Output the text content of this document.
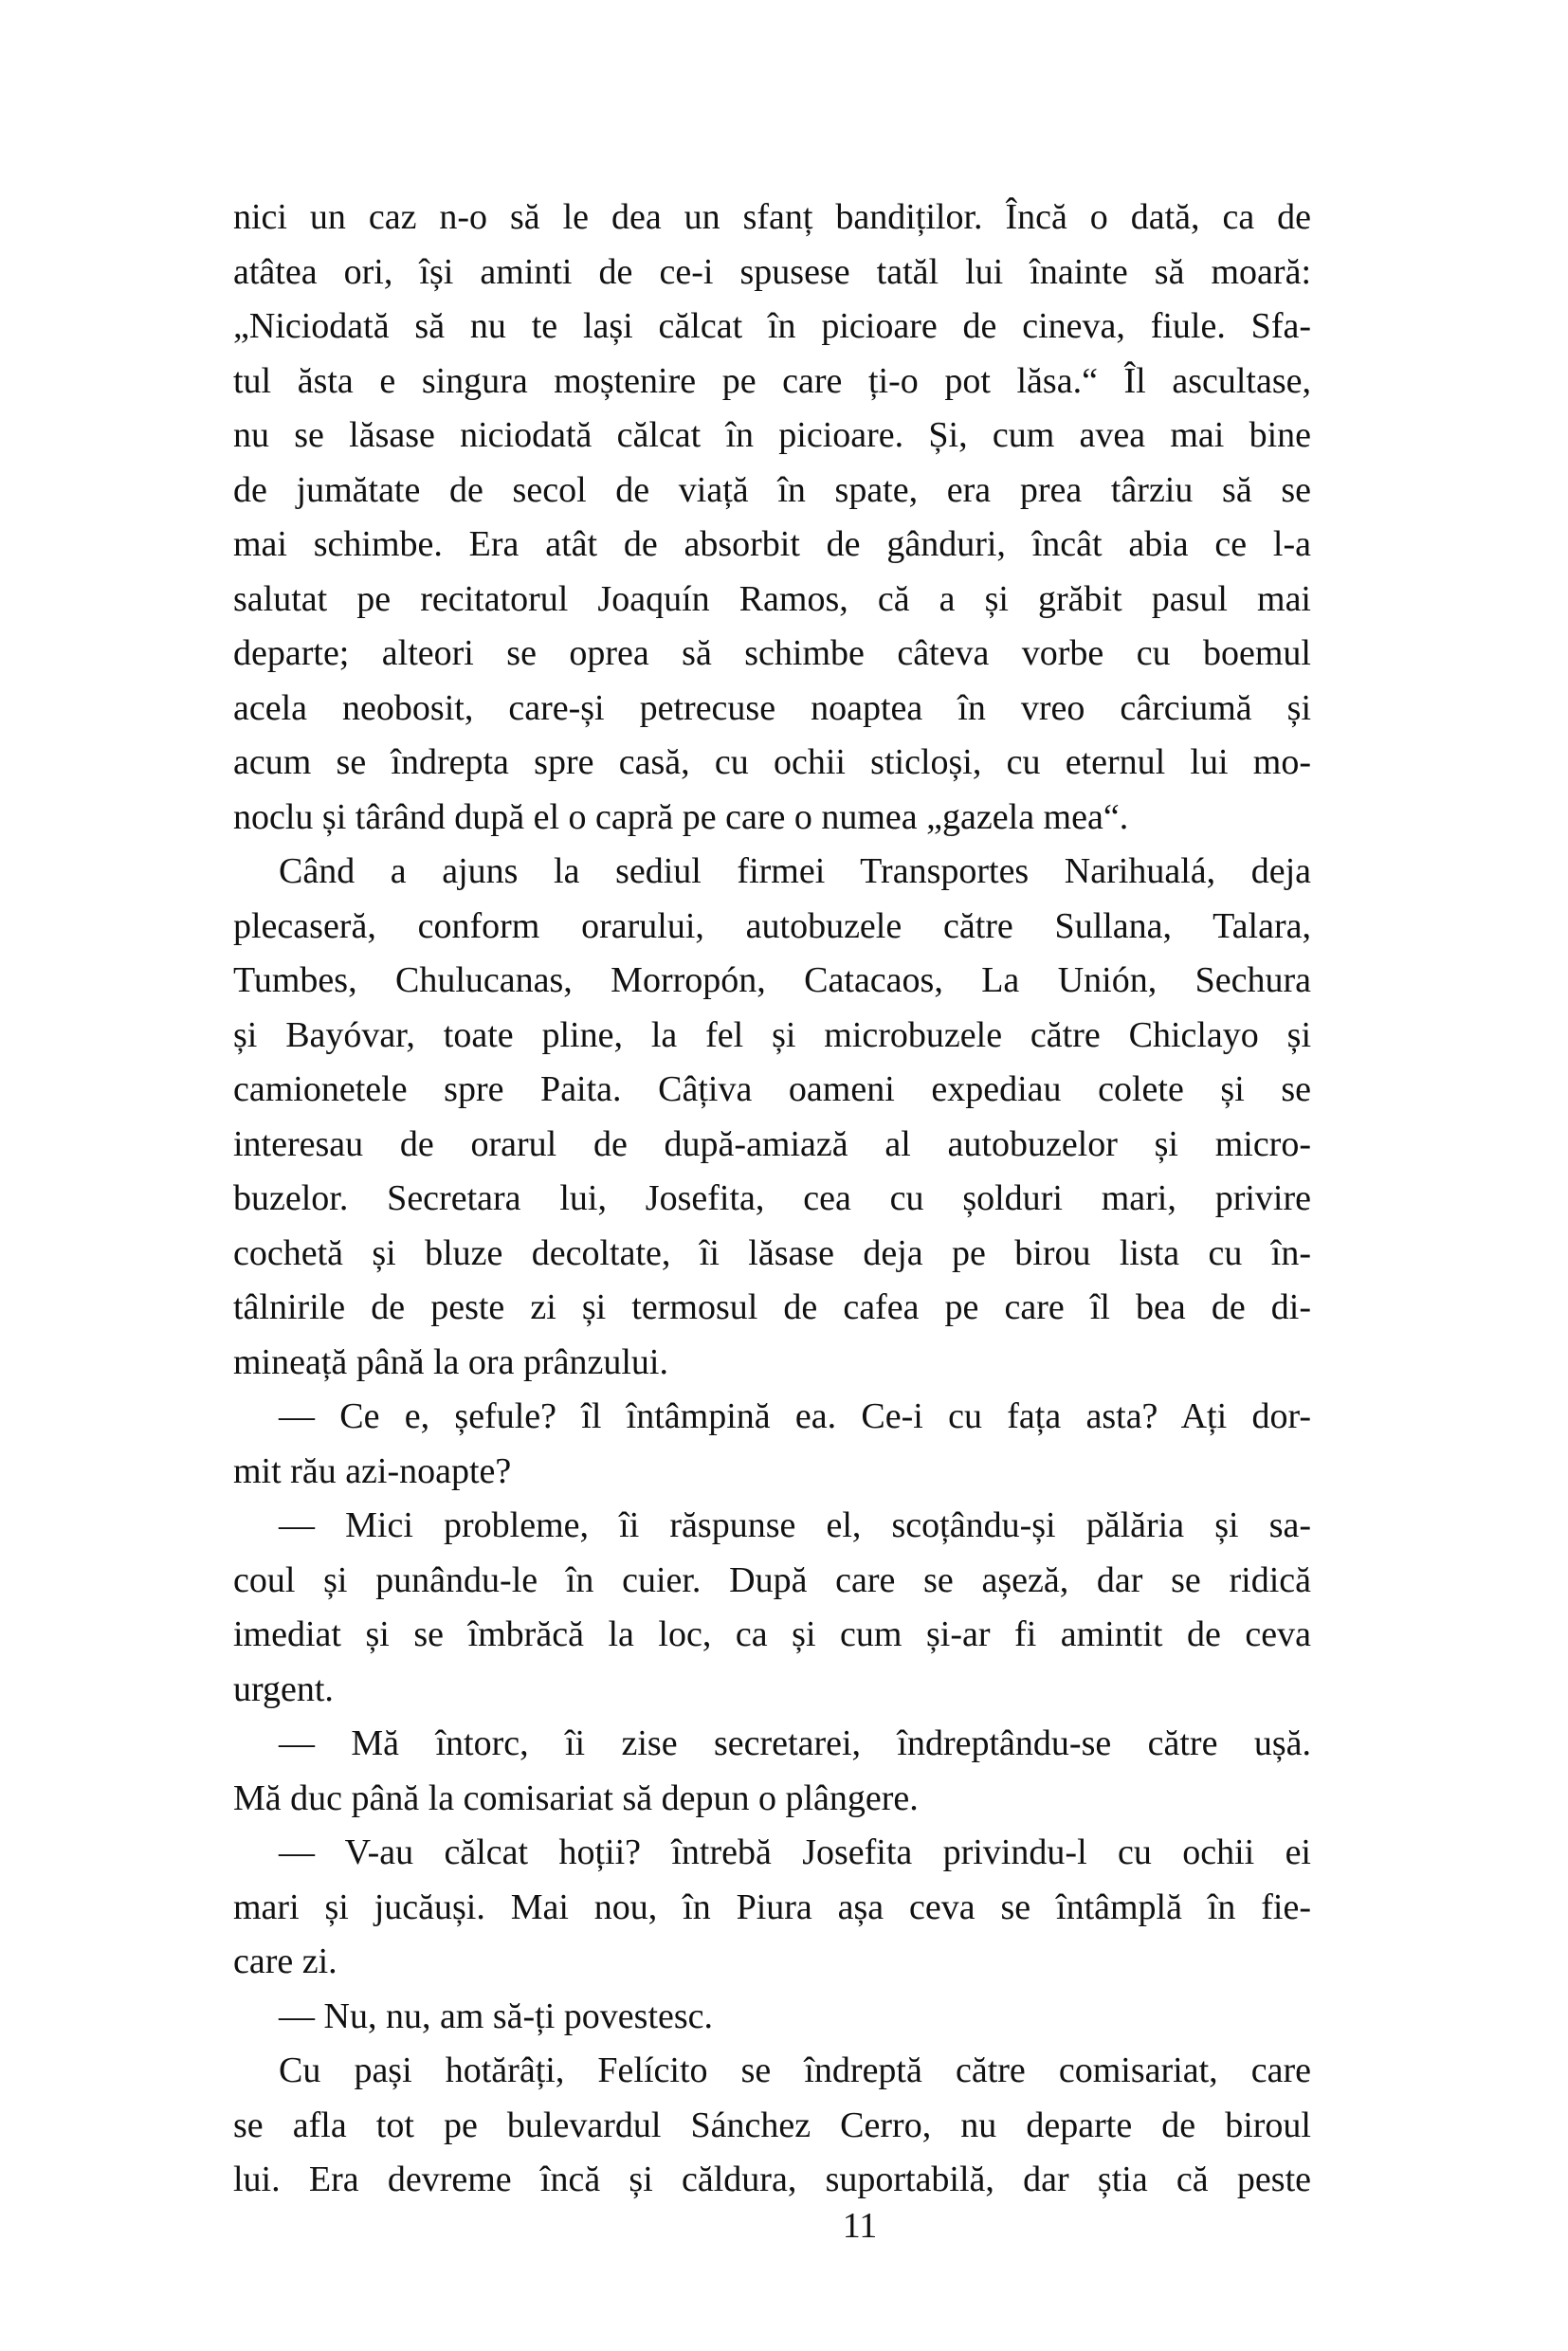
nici un caz n-o să le dea un sfanț bandiților. Încă o dată, ca de
atâtea ori, își aminti de ce-i spusese tatăl lui înainte să moară:
„Niciodată să nu te lași călcat în picioare de cineva, fiule. Sfa-
tul ăsta e singura moștenire pe care ți-o pot lăsa.“ Îl ascultase,
nu se lăsase niciodată călcat în picioare. Și, cum avea mai bine
de jumătate de secol de viață în spate, era prea târziu să se
mai schimbe. Era atât de absorbit de gânduri, încât abia ce l-a
salutat pe recitatorul Joaquín Ramos, că a și grăbit pasul mai
departe; alteori se oprea să schimbe câteva vorbe cu boemul
acela neobosit, care-și petrecuse noaptea în vreo cârciumă și
acum se îndrepta spre casă, cu ochii sticloși, cu eternul lui mo-
noclu și târând după el o capră pe care o numea „gazela mea“.
Când a ajuns la sediul firmei Transportes Narihualá, deja
plecaseră, conform orarului, autobuzele către Sullana, Talara,
Tumbes, Chulucanas, Morropón, Catacaos, La Unión, Sechura
și Bayóvar, toate pline, la fel și microbuzele către Chiclayo și
camionetele spre Paita. Câțiva oameni expediau colete și se
interesau de orarul de după-amiază al autobuzelor și micro-
buzelor. Secretara lui, Josefita, cea cu șolduri mari, privire
cochetă și bluze decoltate, îi lăsase deja pe birou lista cu în-
tâlnirile de peste zi și termosul de cafea pe care îl bea de di-
mineață până la ora prânzului.
— Ce e, șefule? îl întâmpină ea. Ce-i cu fața asta? Ați dor-
mit rău azi-noapte?
— Mici probleme, îi răspunse el, scoțându-și pălăria și sa-
coul și punându-le în cuier. După care se așeză, dar se ridică
imediat și se îmbrăcă la loc, ca și cum și-ar fi amintit de ceva
urgent.
— Mă întorc, îi zise secretarei, îndreptându-se către ușă.
Mă duc până la comisariat să depun o plângere.
— V-au călcat hoții? întrebă Josefita privindu-l cu ochii ei
mari și jucăuși. Mai nou, în Piura așa ceva se întâmplă în fie-
care zi.
— Nu, nu, am să-ți povestesc.
Cu pași hotărâți, Felícito se îndreptă către comisariat, care
se afla tot pe bulevardul Sánchez Cerro, nu departe de biroul
lui. Era devreme încă și căldura, suportabilă, dar știa că peste
11
